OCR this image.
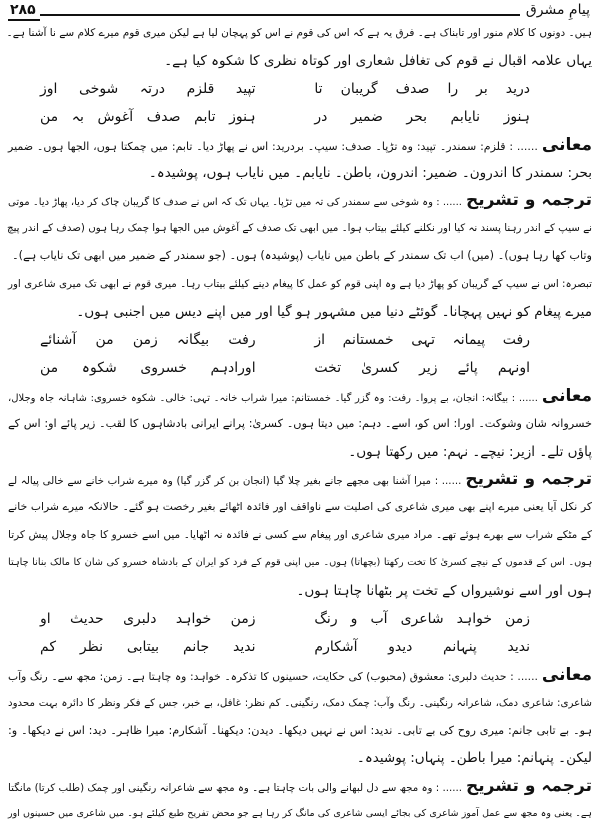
پیامِ مشرق
۲۸۵
ہیں۔ دونوں کا کلام منور اور تابناک ہے۔ فرق یہ ہے کہ اس کی قوم نے اس کو پہچان لیا ہے لیکن میری قوم میرے کلام سے نا آشنا ہے۔
یہاں علامہ اقبال نے قوم کی تغافل شعاری اور کوتاہ نظری کا شکوہ کیا ہے۔
اوز شوخی درتہ قلزم تپید	تا گریبان صدف را بر درید
من بہ آغوش صدف تابم ہنوز	در ضمیر بحر نایابم ہنوز
معانی...... : قلزم: سمندر۔ تپید: وہ تڑپا۔ صدف: سیپ۔ بردرید: اس نے پھاڑ دیا۔ تابم: میں چمکتا ہوں، الجھا ہوں۔ ضمیر
بحر: سمندر کا اندرون۔ ضمیر: اندرون، باطن۔ نایابم۔ میں نایاب ہوں، پوشیدہ۔
ترجمہ و تشریح...... : وہ شوخی سے سمندر کی تہ میں تڑپا۔ یہاں تک کہ اس نے صدف کا گریبان چاک کر دیا، پھاڑ دیا۔ موتی
نے سیپ کے اندر رہنا پسند نہ کیا اور نکلنے کیلئے بیتاب ہوا۔ میں ابھی تک صدف کے آغوش میں الجھا ہوا چمک رہا ہوں (صدف کے اندر پیچ
وتاب کھا رہا ہوں)۔ (میں) اب تک سمندر کے باطن میں نایاب (پوشیدہ) ہوں۔ (جو سمندر کے ضمیر میں ابھی تک نایاب ہے)۔
تبصرہ: اس نے سیپ کے گریبان کو پھاڑ دیا ہے وہ اپنی قوم کو عمل کا پیغام دینے کیلئے بیتاب رہا۔ میری قوم نے ابھی تک میری شاعری اور
میرے پیغام کو نہیں پہچانا۔ گوئٹے دنیا میں مشہور ہو گیا اور میں اپنے دیس میں اجنبی ہوں۔
آشنائے من زمن بیگانہ رفت	از خمستانم تہی پیمانہ رفت
من شکوہ خسروی اورادہم	تخت کسریٰ زیر پائے اونہم
معانی...... : بیگانہ: انجان، بے پروا۔ رفت: وہ گزر گیا۔ خمستانم: میرا شراب خانہ۔ تہی: خالی۔ شکوہ خسروی: شاہانہ جاہ وجلال،
خسروانہ شان وشوکت۔ اورا: اس کو، اسے۔ دہم: میں دیتا ہوں۔ کسریٰ: پرانے ایرانی بادشاہوں کا لقب۔ زیر پائے او: اس کے
پاؤں تلے۔ ازیر: نیچے۔ نہم: میں رکھتا ہوں۔
ترجمہ و تشریح...... : میرا آشنا بھی مجھے جانے بغیر چلا گیا (انجان بن کر گزر گیا) وہ میرے شراب خانے سے خالی پیالہ لے
کر نکل آیا یعنی میرے اپنے بھی میری شاعری کی اصلیت سے ناواقف اور فائدہ اٹھائے بغیر رخصت ہو گئے۔ حالانکہ میرے شراب خانے
کے مٹکے شراب سے بھرے ہوئے تھے۔ مراد میری شاعری اور پیغام سے کسی نے فائدہ نہ اٹھایا۔ میں اسے خسرو کا جاہ وجلال پیش کرتا
ہوں۔ اس کے قدموں کے نیچے کسریٰ کا تخت رکھتا (بچھاتا) ہوں۔ میں اپنی قوم کے فرد کو ایران کے بادشاہ خسرو کی شان کا مالک بنانا چاہتا
ہوں اور اسے نوشیرواں کے تخت پر بٹھانا چاہتا ہوں۔
او حدیث دلبری خواہد زمن	رنگ و آب شاعری خواہد زمن
کم نظر بیتابی جانم ندید	آشکارم دیدو پنہانم ندید
معانی...... : حدیث دلبری: معشوق (محبوب) کی حکایت، حسینوں کا تذکرہ۔ خواہد: وہ چاہتا ہے۔ زمن: مجھ سے۔ رنگ وآب
شاعری: شاعری دمک، شاعرانہ رنگینی۔ رنگ وآب: چمک دمک، رنگینی۔ کم نظر: غافل، بے خبر، جس کے فکر ونظر کا دائرہ بہت محدود
ہو۔ بے تابی جانم: میری روح کی بے تابی۔ ندید: اس نے نہیں دیکھا۔ دیدن: دیکھنا۔ آشکارم: میرا ظاہر۔ دید: اس نے دیکھا۔ و:
لیکن۔ پنہانم: میرا باطن۔ پنہاں: پوشیدہ۔
ترجمہ و تشریح...... : وہ مجھ سے دل لبھانے والی بات چاہتا ہے۔ وہ مجھ سے شاعرانہ رنگینی اور چمک (طلب کرتا) مانگتا
ہے۔ یعنی وہ مجھ سے عمل آموز شاعری کی بجائے ایسی شاعری کی مانگ کر رہا ہے جو محض تفریح طبع کیلئے ہو۔ میں شاعری میں حسینوں اور
